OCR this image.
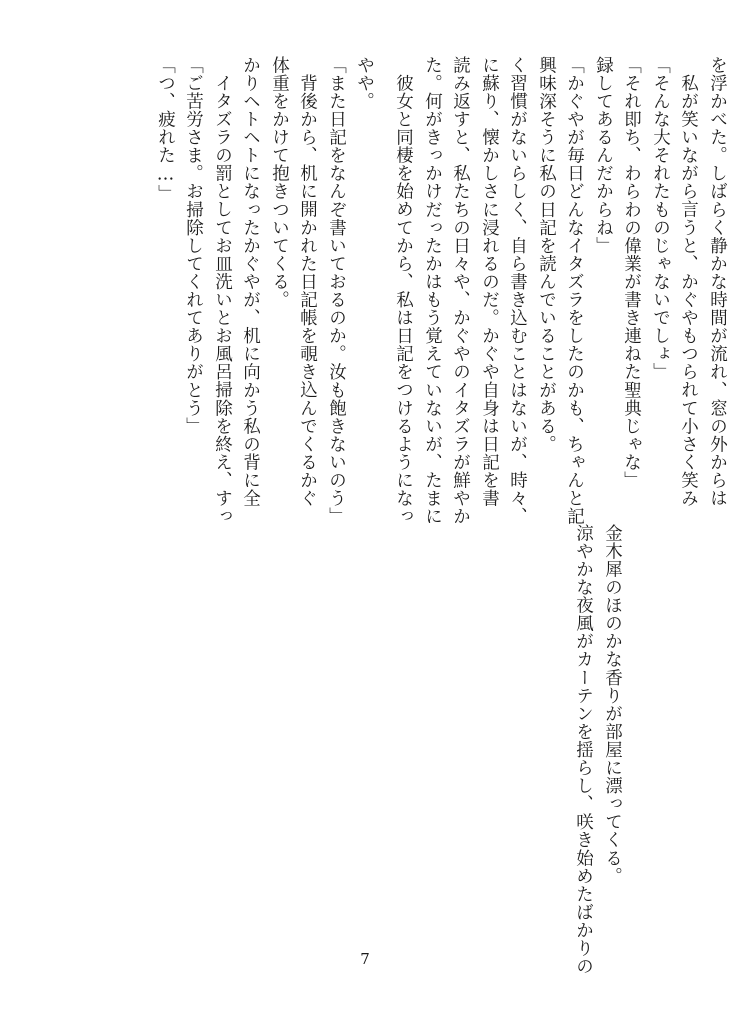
「つ、疲れた…」 「ご苦労さま。お掃除してくれてありがとう」 イタズラの罰としてお皿洗いとお風呂掃除を終え、すっ かりヘトヘトになったかぐやが、机に向かう私の背に全 体重をかけて抱きついてくる。 背後から、机に開かれた日記帳を覗き込んでくるかぐ 「また日記をなんぞ書いておるのか。汝も飽きないのう」 やや。 彼女と同棲を始めてから、私は日記をつけるようになっ た。何がきっかけだったかはもう覚えていないが、たまに 読み返すと、私たちの日々や、かぐやのイタズラが鮮やか に蘇り、懐かしさに浸れるのだ。かぐや自身は日記を書 く習慣がないらしく、自ら書き込むことはないが、時々、 興味深そうに私の日記を読んでいることがある。 「かぐやが毎日どんなイタズラをしたのかも、ちゃんと記 録してあるんだからね」 「それ即ち、わらわの偉業が書き連ねた聖典じゃな」 「そんな大それたものじゃないでしょ」 私が笑いながら言うと、かぐやもつられて小さく笑み を浮かべた。しばらく静かな時間が流れ、窓の外からは

涼やかな夜風がカーテンを揺らし、咲き始めたばかりの 金木犀のほのかな香りが部屋に漂ってくる。

7
